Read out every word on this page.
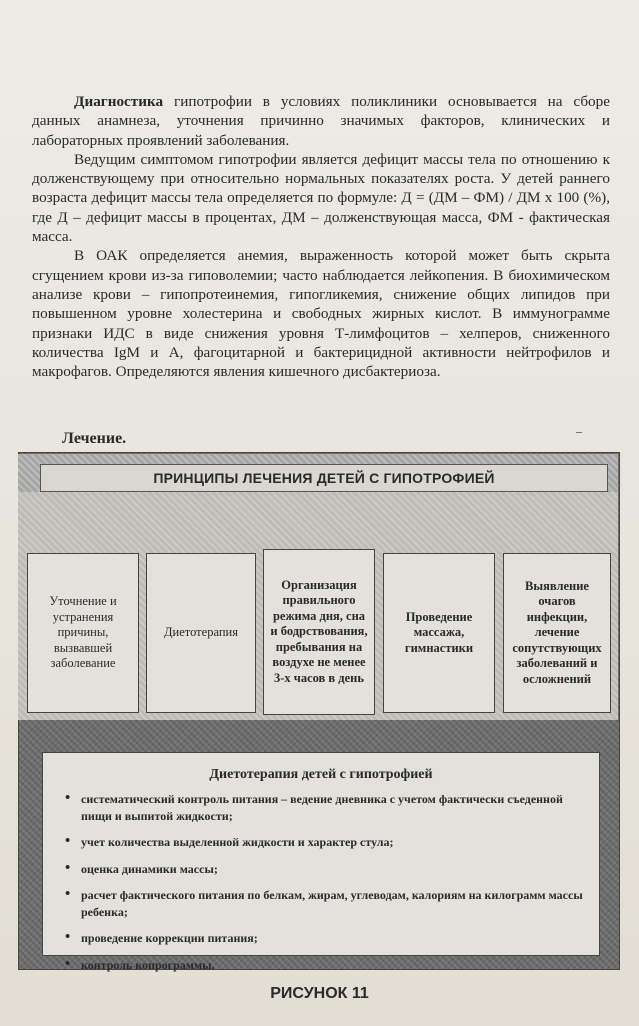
Диагностика гипотрофии в условиях поликлиники основывается на сборе данных анамнеза, уточнения причинно значимых факторов, клинических и лабораторных проявлений заболевания.

Ведущим симптомом гипотрофии является дефицит массы тела по отношению к долженствующему при относительно нормальных показателях роста. У детей раннего возраста дефицит массы тела определяется по формуле: Д = (ДМ – ФМ) / ДМ х 100 (%), где Д – дефицит массы в процентах, ДМ – долженствующая масса, ФМ - фактическая масса.

В ОАК определяется анемия, выраженность которой может быть скрыта сгущением крови из-за гиповолемии; часто наблюдается лейкопения. В биохимическом анализе крови – гипопротеинемия, гипогликемия, снижение общих липидов при повышенном уровне холестерина и свободных жирных кислот. В иммунограмме признаки ИДС в виде снижения уровня Т-лимфоцитов – хелперов, сниженного количества IgM и А, фагоцитарной и бактерицидной активности нейтрофилов и макрофагов. Определяются явления кишечного дисбактериоза.

–
Лечение.
ПРИНЦИПЫ ЛЕЧЕНИЯ ДЕТЕЙ С ГИПОТРОФИЕЙ
Уточнение и устранения причины, вызвавшей заболевание
Диетотерапия
Организация правильного режима дня, сна и бодрствования, пребывания на воздухе не менее 3-х часов в день
Проведение массажа, гимнастики
Выявление очагов инфекции, лечение сопутствующих заболеваний и осложнений
Диетотерапия детей с гипотрофией
• систематический контроль питания – ведение дневника с учетом фактически съеденной пищи и выпитой жидкости;
• учет количества выделенной жидкости и характер стула;
• оценка динамики массы;
• расчет фактического питания по белкам, жирам, углеводам, калориям на килограмм массы ребенка;
• проведение коррекции питания;
• контроль копрограммы.
РИСУНОК 11
